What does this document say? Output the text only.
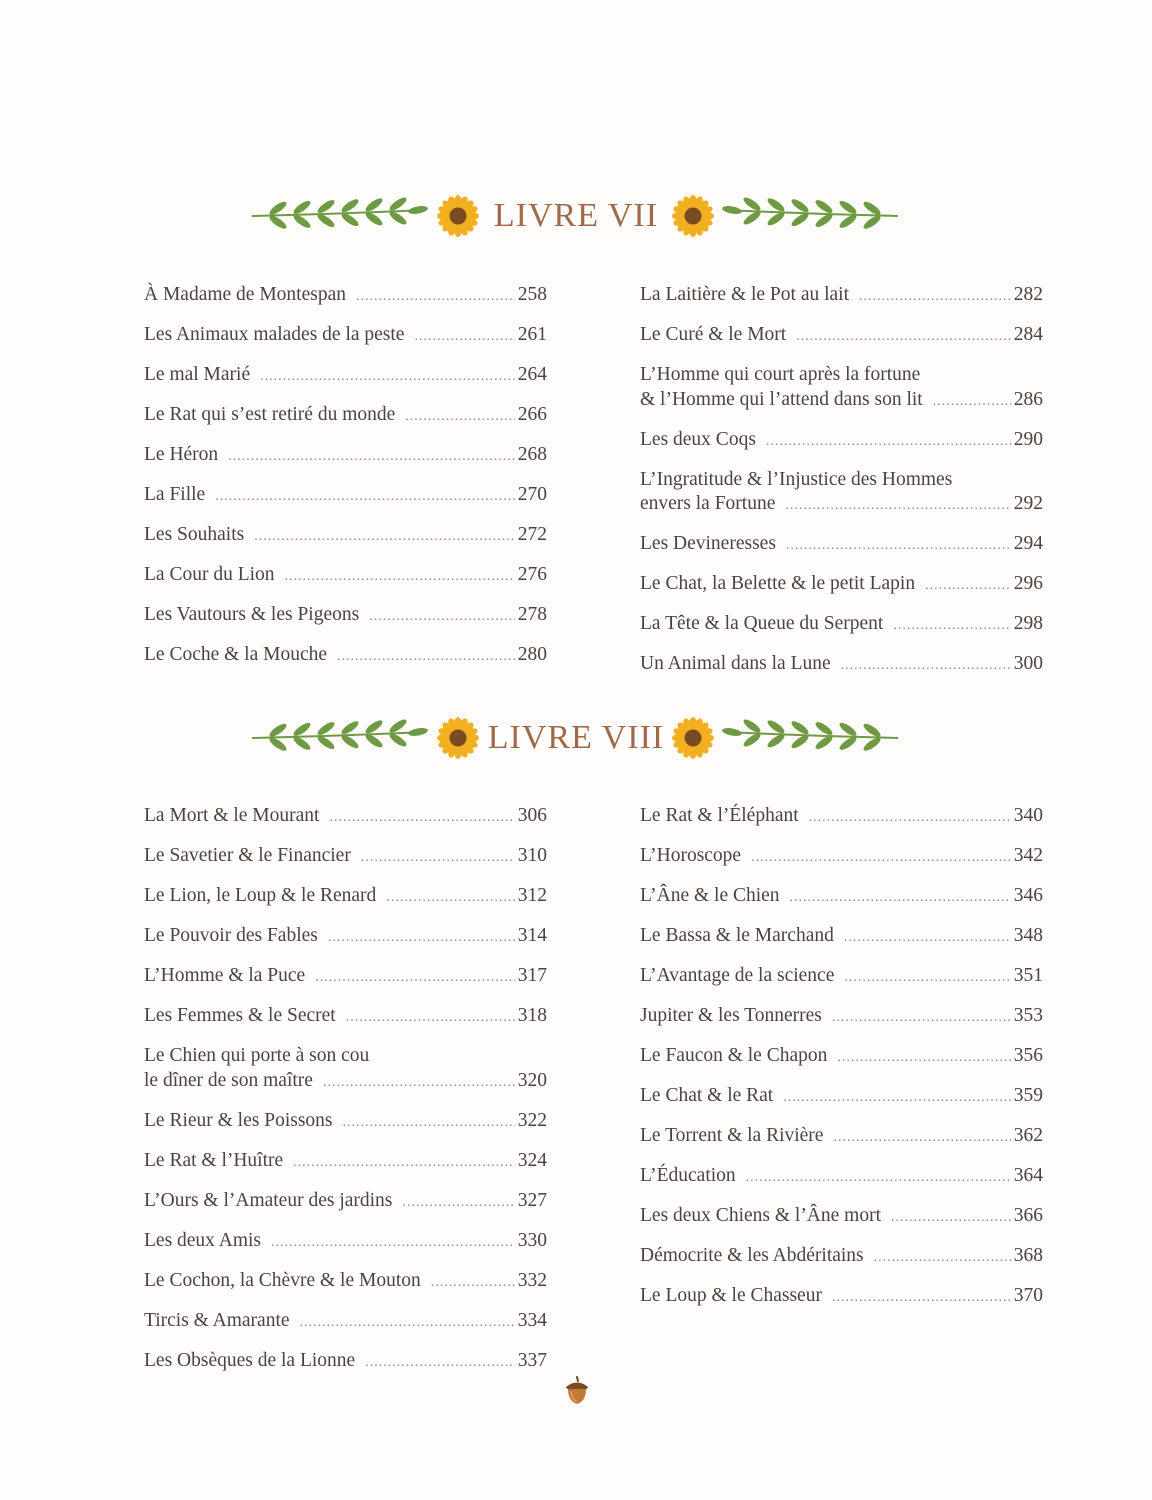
LIVRE VII
À Madame de Montespan .....	258
Les Animaux malades de la peste .....	261
Le mal Marié .....	264
Le Rat qui s’est retiré du monde .....	266
Le Héron .....	268
La Fille .....	270
Les Souhaits .....	272
La Cour du Lion .....	276
Les Vautours & les Pigeons .....	278
Le Coche & la Mouche .....	280
La Laitière & le Pot au lait .....	282
Le Curé & le Mort .....	284
L’Homme qui court après la fortune
& l’Homme qui l’attend dans son lit .....	286
Les deux Coqs .....	290
L’Ingratitude & l’Injustice des Hommes
envers la Fortune .....	292
Les Devineresses .....	294
Le Chat, la Belette & le petit Lapin .....	296
La Tête & la Queue du Serpent .....	298
Un Animal dans la Lune .....	300
LIVRE VIII
La Mort & le Mourant .....	306
Le Savetier & le Financier .....	310
Le Lion, le Loup & le Renard .....	312
Le Pouvoir des Fables .....	314
L’Homme & la Puce .....	317
Les Femmes & le Secret .....	318
Le Chien qui porte à son cou
le dîner de son maître .....	320
Le Rieur & les Poissons .....	322
Le Rat & l’Huître .....	324
L’Ours & l’Amateur des jardins .....	327
Les deux Amis .....	330
Le Cochon, la Chèvre & le Mouton .....	332
Tircis & Amarante .....	334
Les Obsèques de la Lionne .....	337
Le Rat & l’Éléphant .....	340
L’Horoscope .....	342
L’Âne & le Chien .....	346
Le Bassa & le Marchand .....	348
L’Avantage de la science .....	351
Jupiter & les Tonnerres .....	353
Le Faucon & le Chapon .....	356
Le Chat & le Rat .....	359
Le Torrent & la Rivière .....	362
L’Éducation .....	364
Les deux Chiens & l’Âne mort .....	366
Démocrite & les Abdéritains .....	368
Le Loup & le Chasseur .....	370
